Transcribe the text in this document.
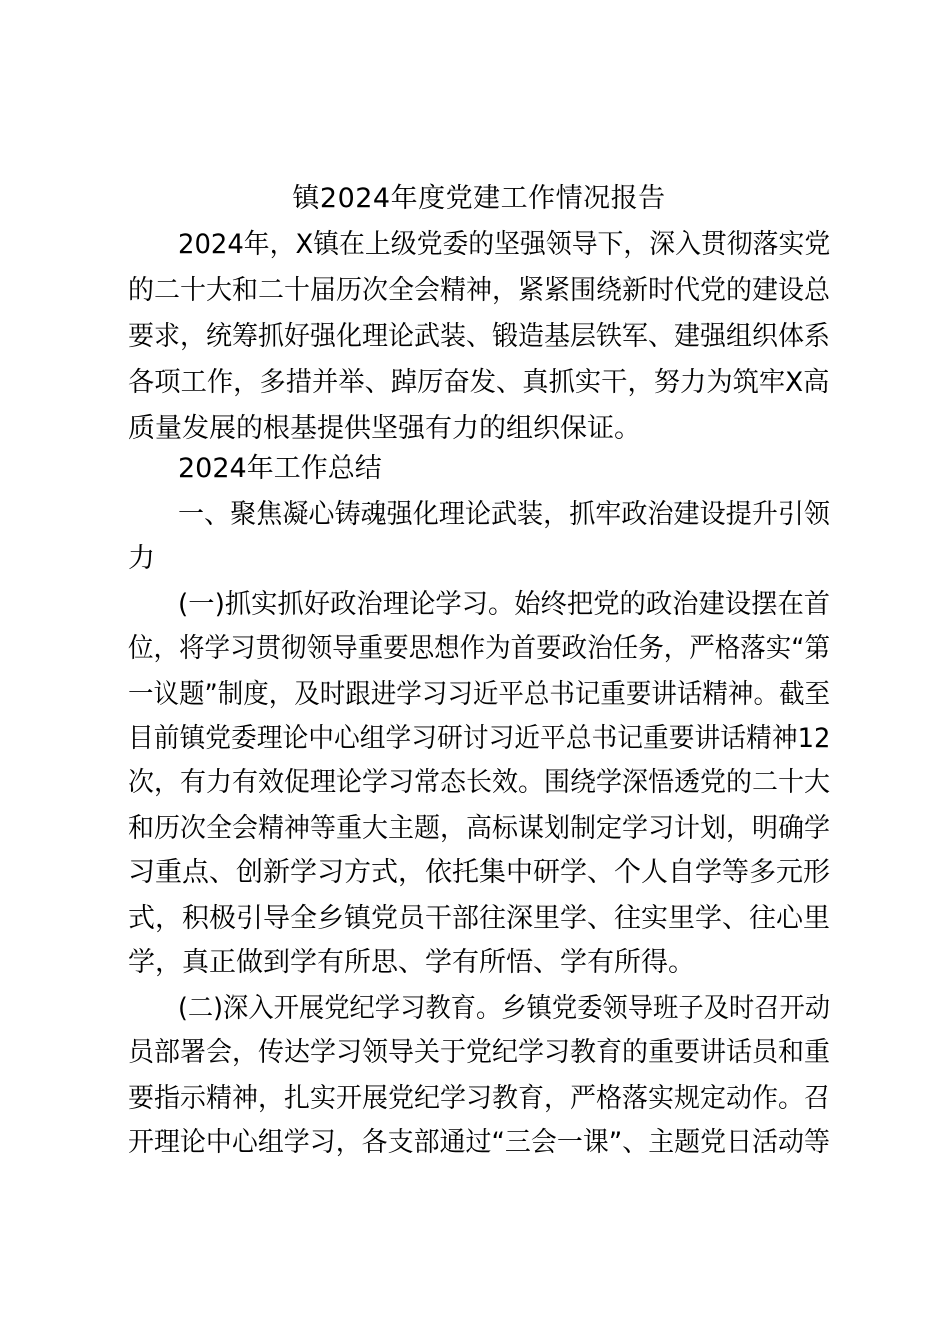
镇2024年度党建工作情况报告
2024年，X镇在上级党委的坚强领导下，深入贯彻落实党
的二十大和二十届历次全会精神，紧紧围绕新时代党的建设总
要求，统筹抓好强化理论武装、锻造基层铁军、建强组织体系
各项工作，多措并举、踔厉奋发、真抓实干，努力为筑牢X高
质量发展的根基提供坚强有力的组织保证。
2024年工作总结
一、聚焦凝心铸魂强化理论武装，抓牢政治建设提升引领
力
(一)抓实抓好政治理论学习。始终把党的政治建设摆在首
位，将学习贯彻领导重要思想作为首要政治任务，严格落实“第
一议题”制度，及时跟进学习习近平总书记重要讲话精神。截至
目前镇党委理论中心组学习研讨习近平总书记重要讲话精神12
次，有力有效促理论学习常态长效。围绕学深悟透党的二十大
和历次全会精神等重大主题，高标谋划制定学习计划，明确学
习重点、创新学习方式，依托集中研学、个人自学等多元形
式，积极引导全乡镇党员干部往深里学、往实里学、往心里
学，真正做到学有所思、学有所悟、学有所得。
(二)深入开展党纪学习教育。乡镇党委领导班子及时召开动
员部署会，传达学习领导关于党纪学习教育的重要讲话员和重
要指示精神，扎实开展党纪学习教育，严格落实规定动作。召
开理论中心组学习，各支部通过“三会一课”、主题党日活动等
